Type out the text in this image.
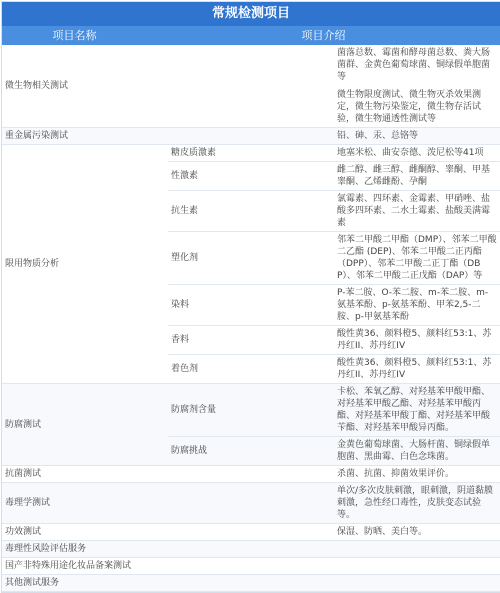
常规检测项目
项目名称	项目介绍
微生物相关测试		菌落总数、霉菌和酵母菌总数、粪大肠菌群、金黄色葡萄球菌、铜绿假单胞菌等
微生物限度测试、微生物灭杀效果测定，微生物污染鉴定，微生物存活试验，微生物通透性测试等

重金属污染测试		铅、砷、汞、总铬等
限用物质分析	糖皮质激素	地塞米松、曲安奈德、泼尼松等41项
	性激素	雌二醇、雌三醇、雌酮醇、睾酮、甲基睾酮、乙烯雌酚、孕酮
	抗生素	氯霉素、四环素、金霉素、甲硝唑、盐酸多四环素、二水土霉素、盐酸美满霉素
	塑化剂	邻苯二甲酸二甲酯（DMP）、邻苯二甲酸二乙酯 (DEP)、邻苯二甲酸二正丙酯（DPP）、邻苯二甲酸二正丁酯（DBP）、邻苯二甲酸二正戊酯（DAP）等
	染料	P-苯二胺、O-苯二胺、m-苯二胺、m-氨基苯酚、p-氨基苯酚、甲苯2,5-二胺、p-甲氨基苯酚
	香料	酸性黄36、颜料橙5、颜料红53:1、苏丹红II、苏丹红IV
	着色剂	酸性黄36、颜料橙5、颜料红53:1、苏丹红II、苏丹红IV
防腐测试	防腐剂含量	卡松、苯氧乙醇、对羟基苯甲酸甲酯、对羟基苯甲酸乙酯、对羟基苯甲酸丙酯、对羟基苯甲酸丁酯、对羟基苯甲酸苄酯、对羟基苯甲酸异丙酯。
	防腐挑战	金黄色葡萄球菌、大肠杆菌、铜绿假单胞菌、黑曲霉、白色念珠菌。
抗菌测试		杀菌、抗菌、抑菌效果评价。
毒理学测试		单次/多次皮肤刺激，眼刺激，阴道黏膜刺激，急性经口毒性，皮肤变态试验等。
功效测试		保湿、防晒、美白等。
毒理性风险评估服务		
国产非特殊用途化妆品备案测试		
其他测试服务		
